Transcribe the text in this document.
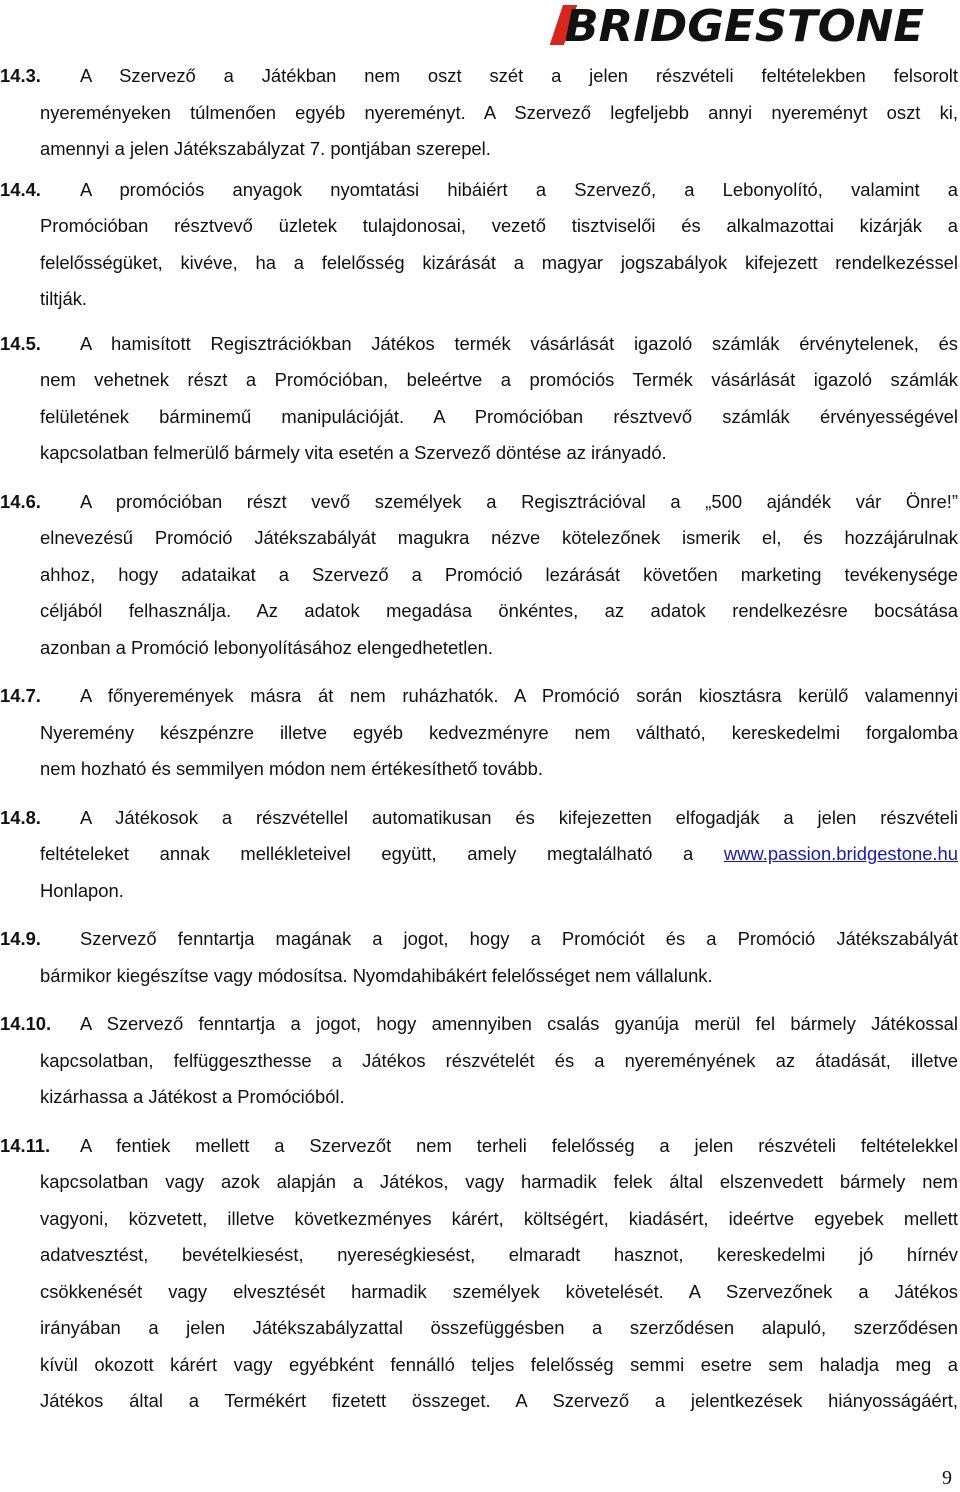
BRIDGESTONE
14.3. A Szervező a Játékban nem oszt szét a jelen részvételi feltételekben felsorolt
nyereményeken túlmenően egyéb nyereményt. A Szervező legfeljebb annyi nyereményt oszt ki,
amennyi a jelen Játékszabályzat 7. pontjában szerepel.
14.4. A promóciós anyagok nyomtatási hibáiért a Szervező, a Lebonyolító, valamint a
Promócióban résztvevő üzletek tulajdonosai, vezető tisztviselői és alkalmazottai kizárják a
felelősségüket, kivéve, ha a felelősség kizárását a magyar jogszabályok kifejezett rendelkezéssel
tiltják.
14.5. A hamisított Regisztrációkban Játékos termék vásárlását igazoló számlák érvénytelenek, és
nem vehetnek részt a Promócióban, beleértve a promóciós Termék vásárlását igazoló számlák
felületének bárminemű manipulációját. A Promócióban résztvevő számlák érvényességével
kapcsolatban felmerülő bármely vita esetén a Szervező döntése az irányadó.
14.6. A promócióban részt vevő személyek a Regisztrációval a „500 ajándék vár Önre!”
elnevezésű Promóció Játékszabályát magukra nézve kötelezőnek ismerik el, és hozzájárulnak
ahhoz, hogy adataikat a Szervező a Promóció lezárását követően marketing tevékenysége
céljából felhasználja. Az adatok megadása önkéntes, az adatok rendelkezésre bocsátása
azonban a Promóció lebonyolításához elengedhetetlen.
14.7. A főnyeremények másra át nem ruházhatók. A Promóció során kiosztásra kerülő valamennyi
Nyeremény készpénzre illetve egyéb kedvezményre nem váltható, kereskedelmi forgalomba
nem hozható és semmilyen módon nem értékesíthető tovább.
14.8. A Játékosok a részvétellel automatikusan és kifejezetten elfogadják a jelen részvételi
feltételeket annak mellékleteivel együtt, amely megtalálható a www.passion.bridgestone.hu
Honlapon.
14.9. Szervező fenntartja magának a jogot, hogy a Promóciót és a Promóció Játékszabályát
bármikor kiegészítse vagy módosítsa. Nyomdahibákért felelősséget nem vállalunk.
14.10. A Szervező fenntartja a jogot, hogy amennyiben csalás gyanúja merül fel bármely Játékossal
kapcsolatban, felfüggeszthesse a Játékos részvételét és a nyereményének az átadását, illetve
kizárhassa a Játékost a Promócióból.
14.11. A fentiek mellett a Szervezőt nem terheli felelősség a jelen részvételi feltételekkel
kapcsolatban vagy azok alapján a Játékos, vagy harmadik felek által elszenvedett bármely nem
vagyoni, közvetett, illetve következményes kárért, költségért, kiadásért, ideértve egyebek mellett
adatvesztést, bevételkiesést, nyereségkiesést, elmaradt hasznot, kereskedelmi jó hírnév
csökkenését vagy elvesztését harmadik személyek követelését. A Szervezőnek a Játékos
irányában a jelen Játékszabályzattal összefüggésben a szerződésen alapuló, szerződésen
kívül okozott kárért vagy egyébként fennálló teljes felelősség semmi esetre sem haladja meg a
Játékos által a Termékért fizetett összeget. A Szervező a jelentkezések hiányosságáért,
9
